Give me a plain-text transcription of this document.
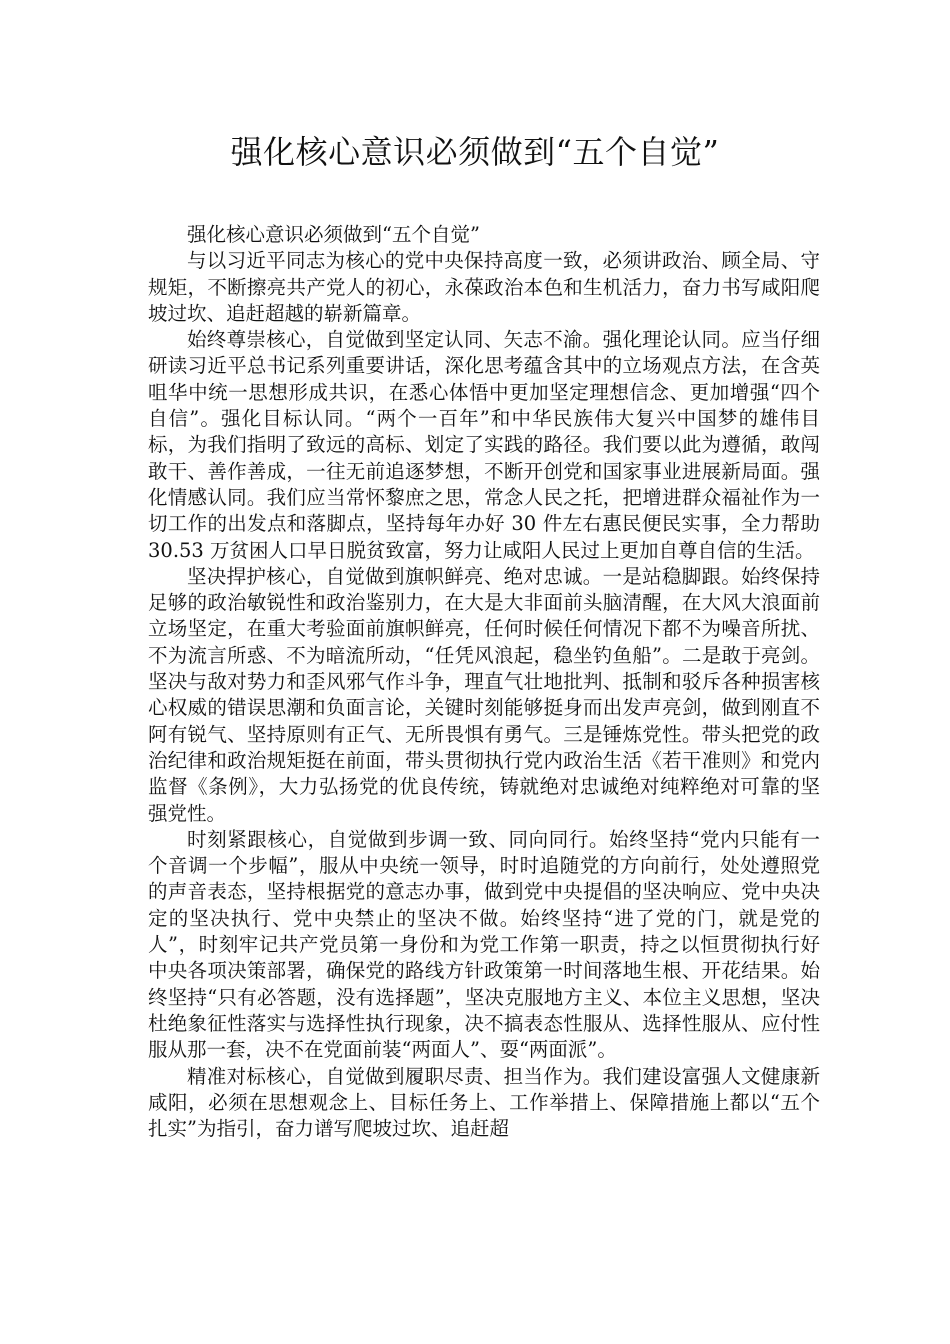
强化核心意识必须做到“五个自觉”

强化核心意识必须做到“五个自觉”

与以习近平同志为核心的党中央保持高度一致，必须讲政治、顾全局、守规矩，不断擦亮共产党人的初心，永葆政治本色和生机活力，奋力书写咸阳爬坡过坎、追赶超越的崭新篇章。

始终尊崇核心，自觉做到坚定认同、矢志不渝。强化理论认同。应当仔细研读习近平总书记系列重要讲话，深化思考蕴含其中的立场观点方法，在含英咀华中统一思想形成共识，在悉心体悟中更加坚定理想信念、更加增强“四个自信”。强化目标认同。“两个一百年”和中华民族伟大复兴中国梦的雄伟目标，为我们指明了致远的高标、划定了实践的路径。我们要以此为遵循，敢闯敢干、善作善成，一往无前追逐梦想，不断开创党和国家事业进展新局面。强化情感认同。我们应当常怀黎庶之思，常念人民之托，把增进群众福祉作为一切工作的出发点和落脚点，坚持每年办好 30 件左右惠民便民实事，全力帮助 30.53 万贫困人口早日脱贫致富，努力让咸阳人民过上更加自尊自信的生活。

坚决捍护核心，自觉做到旗帜鲜亮、绝对忠诚。一是站稳脚跟。始终保持足够的政治敏锐性和政治鉴别力，在大是大非面前头脑清醒，在大风大浪面前立场坚定，在重大考验面前旗帜鲜亮，任何时候任何情况下都不为噪音所扰、不为流言所惑、不为暗流所动，“任凭风浪起，稳坐钓鱼船”。二是敢于亮剑。坚决与敌对势力和歪风邪气作斗争，理直气壮地批判、抵制和驳斥各种损害核心权威的错误思潮和负面言论，关键时刻能够挺身而出发声亮剑，做到刚直不阿有锐气、坚持原则有正气、无所畏惧有勇气。三是锤炼党性。带头把党的政治纪律和政治规矩挺在前面，带头贯彻执行党内政治生活《若干准则》和党内监督《条例》，大力弘扬党的优良传统，铸就绝对忠诚绝对纯粹绝对可靠的坚强党性。

时刻紧跟核心，自觉做到步调一致、同向同行。始终坚持“党内只能有一个音调一个步幅”，服从中央统一领导，时时追随党的方向前行，处处遵照党的声音表态，坚持根据党的意志办事，做到党中央提倡的坚决响应、党中央决定的坚决执行、党中央禁止的坚决不做。始终坚持“进了党的门，就是党的人”，时刻牢记共产党员第一身份和为党工作第一职责，持之以恒贯彻执行好中央各项决策部署，确保党的路线方针政策第一时间落地生根、开花结果。始终坚持“只有必答题，没有选择题”，坚决克服地方主义、本位主义思想，坚决杜绝象征性落实与选择性执行现象，决不搞表态性服从、选择性服从、应付性服从那一套，决不在党面前装“两面人”、耍“两面派”。

精准对标核心，自觉做到履职尽责、担当作为。我们建设富强人文健康新咸阳，必须在思想观念上、目标任务上、工作举措上、保障措施上都以“五个扎实”为指引，奋力谱写爬坡过坎、追赶超
